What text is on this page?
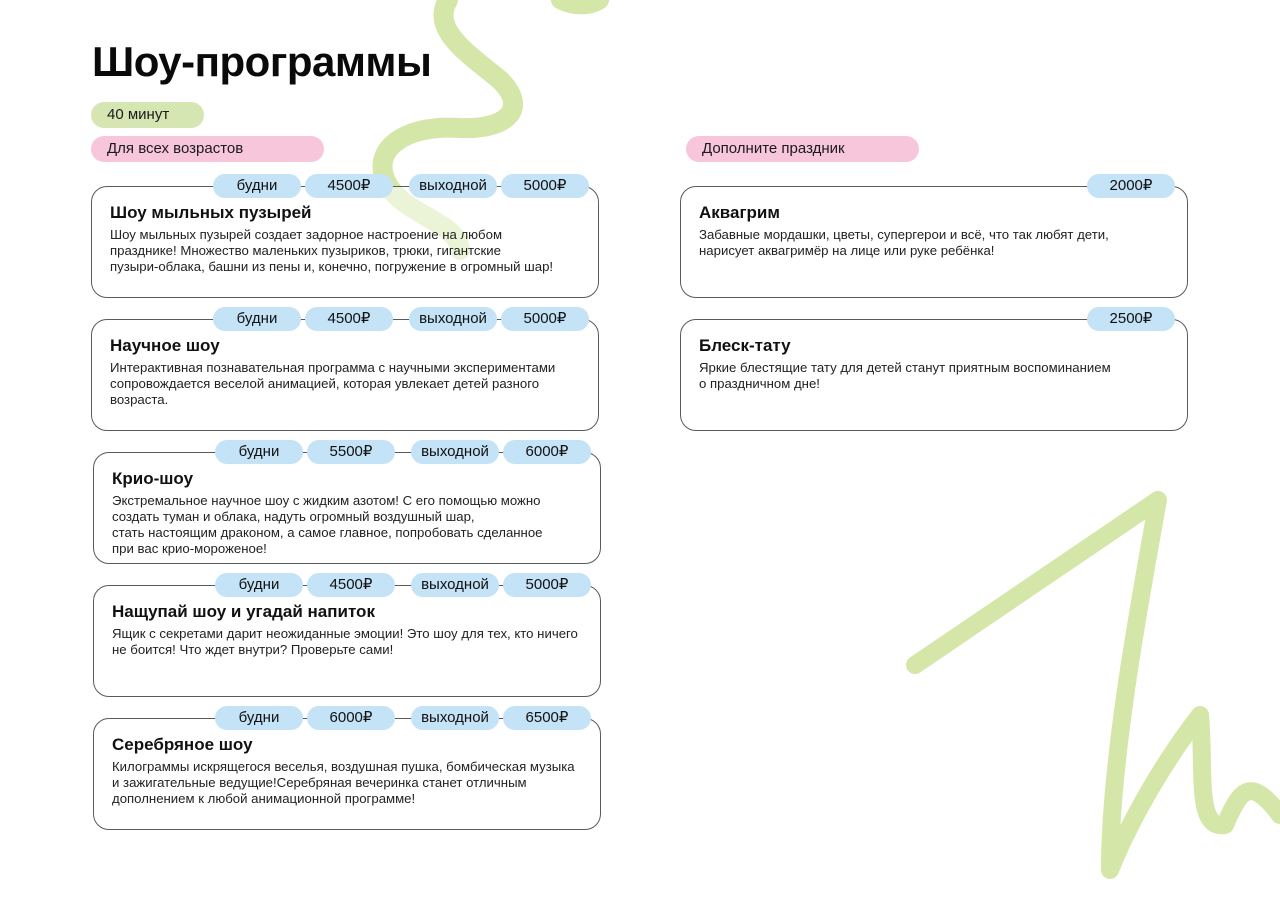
Шоу-программы
40 минут
Для всех возрастов	Дополните праздник
будни	4500₽	выходной	5000₽

Шоу мыльных пузырей

Шоу мыльных пузырей создает задорное настроение на любом
празднике! Множество маленьких пузыриков, трюки, гигантские
пузыри-облака, башни из пены и, конечно, погружение в огромный шар!

будни	4500₽	выходной	5000₽

Научное шоу

Интерактивная познавательная программа с научными экспериментами
сопровождается веселой анимацией, которая увлекает детей разного
возраста.

будни	5500₽	выходной	6000₽

Крио-шоу

Экстремальное научное шоу с жидким азотом! С его помощью можно
создать туман и облака, надуть огромный воздушный шар,
стать настоящим драконом, а самое главное, попробовать сделанное
при вас крио-мороженое!

будни	4500₽	выходной	5000₽

Нащупай шоу и угадай напиток

Ящик с секретами дарит неожиданные эмоции! Это шоу для тех, кто ничего
не боится! Что ждет внутри? Проверьте сами!

будни	6000₽	выходной	6500₽

Серебряное шоу

Килограммы искрящегося веселья, воздушная пушка, бомбическая музыка
и зажигательные ведущие!Серебряная вечеринка станет отличным
дополнением к любой анимационной программе!

2000₽

Аквагрим

Забавные мордашки, цветы, супергерои и всё, что так любят дети,
нарисует аквагримёр на лице или руке ребёнка!

2500₽

Блеск-тату

Яркие блестящие тату для детей станут приятным воспоминанием
о праздничном дне!
